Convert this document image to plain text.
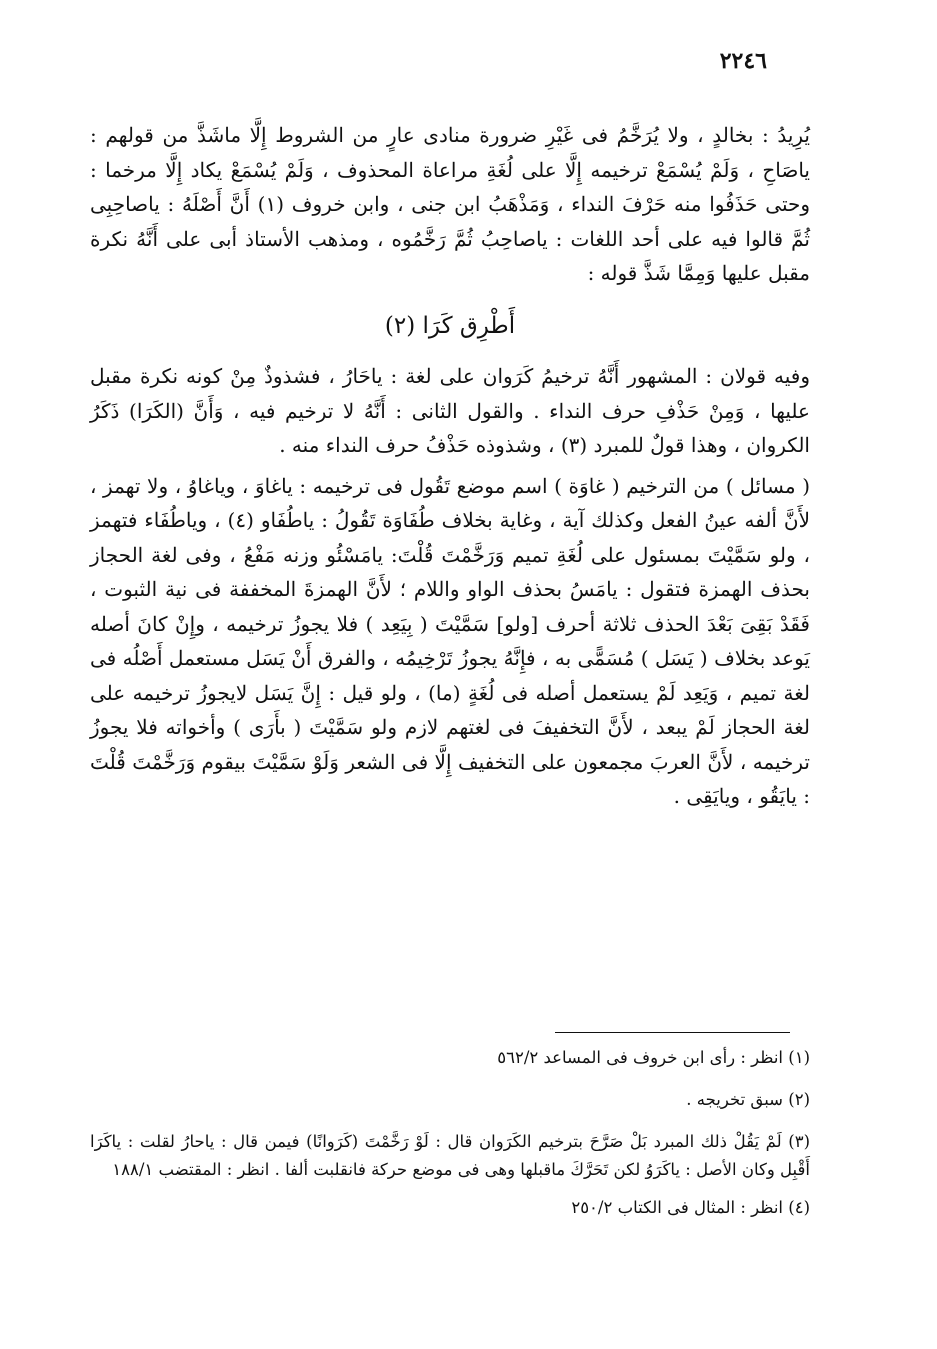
٢٢٤٦

يُرِيدُ : بخالدٍ ، ولا يُرَخَّمُ فى غَيْرِ ضرورة منادى عارٍ من الشروط إِلَّا ماشَذَّ من قولهم : ياصَاحِ ، وَلَمْ يُسْمَعْ ترخيمه إِلَّا على لُغَةِ مراعاة المحذوف ، وَلَمْ يُسْمَعْ يكاد إِلَّا مرخما : وحتى حَذَفُوا منه حَرْفَ النداء ، وَمَذْهَبُ ابن جنى ، وابن خروف (١) أَنَّ أَصْلَهُ : ياصاحِبِى ثُمَّ قالوا فيه على أحد اللغات : ياصاحِبُ ثُمَّ رَخَّمُوه ، ومذهب الأستاذ أبى على أَنَّهُ نكرة مقبل عليها وَمِمَّا شَذَّ قوله :

أَطْرِق كَرَا (٢)

وفيه قولان : المشهور أَنَّهُ ترخيمُ كَرَوان على لغة : ياحَارُ ، فشذوذٌ مِنْ كونه نكرة مقبل عليها ، وَمِنْ حَذْفِ حرف النداء . والقول الثانى : أَنَّهُ لا ترخيم فيه ، وَأَنَّ (الكَرَا) ذَكَرُ الكروان ، وهذا قولٌ للمبرد (٣) ، وشذوذه حَذْفُ حرف النداء منه .

( مسائل ) من الترخيم ( غاوَة ) اسم موضع تَقُول فى ترخيمه : ياغاوَ ، وياغاوُ ، ولا تهمز ، لأَنَّ ألفه عينُ الفعل وكذلك آية ، وغاية بخلاف طُفَاوَة تَقُولُ : ياطُفَاو (٤) ، وياطُفَاء فتهمز ، ولو سَمَّيْتَ بمسئول على لُغَةِ تميم وَرَخَّمْتَ قُلْتَ: يامَسْئُو وزنه مَفْعُ ، وفى لغة الحجاز بحذف الهمزة فتقول : يامَسُ بحذف الواو واللام ؛ لأَنَّ الهمزةَ المخففة فى نية الثبوت ، فَقَدْ بَقِىَ بَعْدَ الحذف ثلاثة أحرف [ولو] سَمَّيْتَ ( بِيَعِد ) فلا يجوزُ ترخيمه ، وإِنْ كانَ أصله يَوعد بخلاف ( يَسَل ) مُسَمًّى به ، فإِنَّهُ يجوزُ تَرْخِيمُه ، والفرق أَنْ يَسَل مستعمل أَصْلُه فى لغة تميم ، وَيَعِد لَمْ يستعمل أصله فى لُغَةٍ (ما) ، ولو قيل : إِنَّ يَسَل لايجوزُ ترخيمه على لغة الحجاز لَمْ يبعد ، لأَنَّ التخفيفَ فى لغتهم لازم ولو سَمَّيْتَ ( بأَرَى ) وأخواته فلا يجوزُ ترخيمه ، لأَنَّ العربَ مجمعون على التخفيف إِلَّا فى الشعر وَلَوْ سَمَّيْتَ بيقوم وَرَخَّمْتَ قُلْتَ : يايَقُو ، ويايَقِى .

(١) انظر : رأى ابن خروف فى المساعد ٥٦٢/٢

(٢) سبق تخريجه .

(٣) لَمْ يَقُلْ ذلك المبرد بَلْ صَرَّحَ بترخيم الكَرَوان قال : لَوْ رَخَّمْتَ (كَرَوانًا) فيمن قال : ياحارُ لقلت : ياكَرَا أَقْبِل وكان الأصل : ياكَرَوُ لكن تَحَرَّكَ ماقبلها وهى فى موضع حركة فانقلبت ألفا . انظر : المقتضب ١٨٨/١

(٤) انظر : المثال فى الكتاب ٢٥٠/٢
